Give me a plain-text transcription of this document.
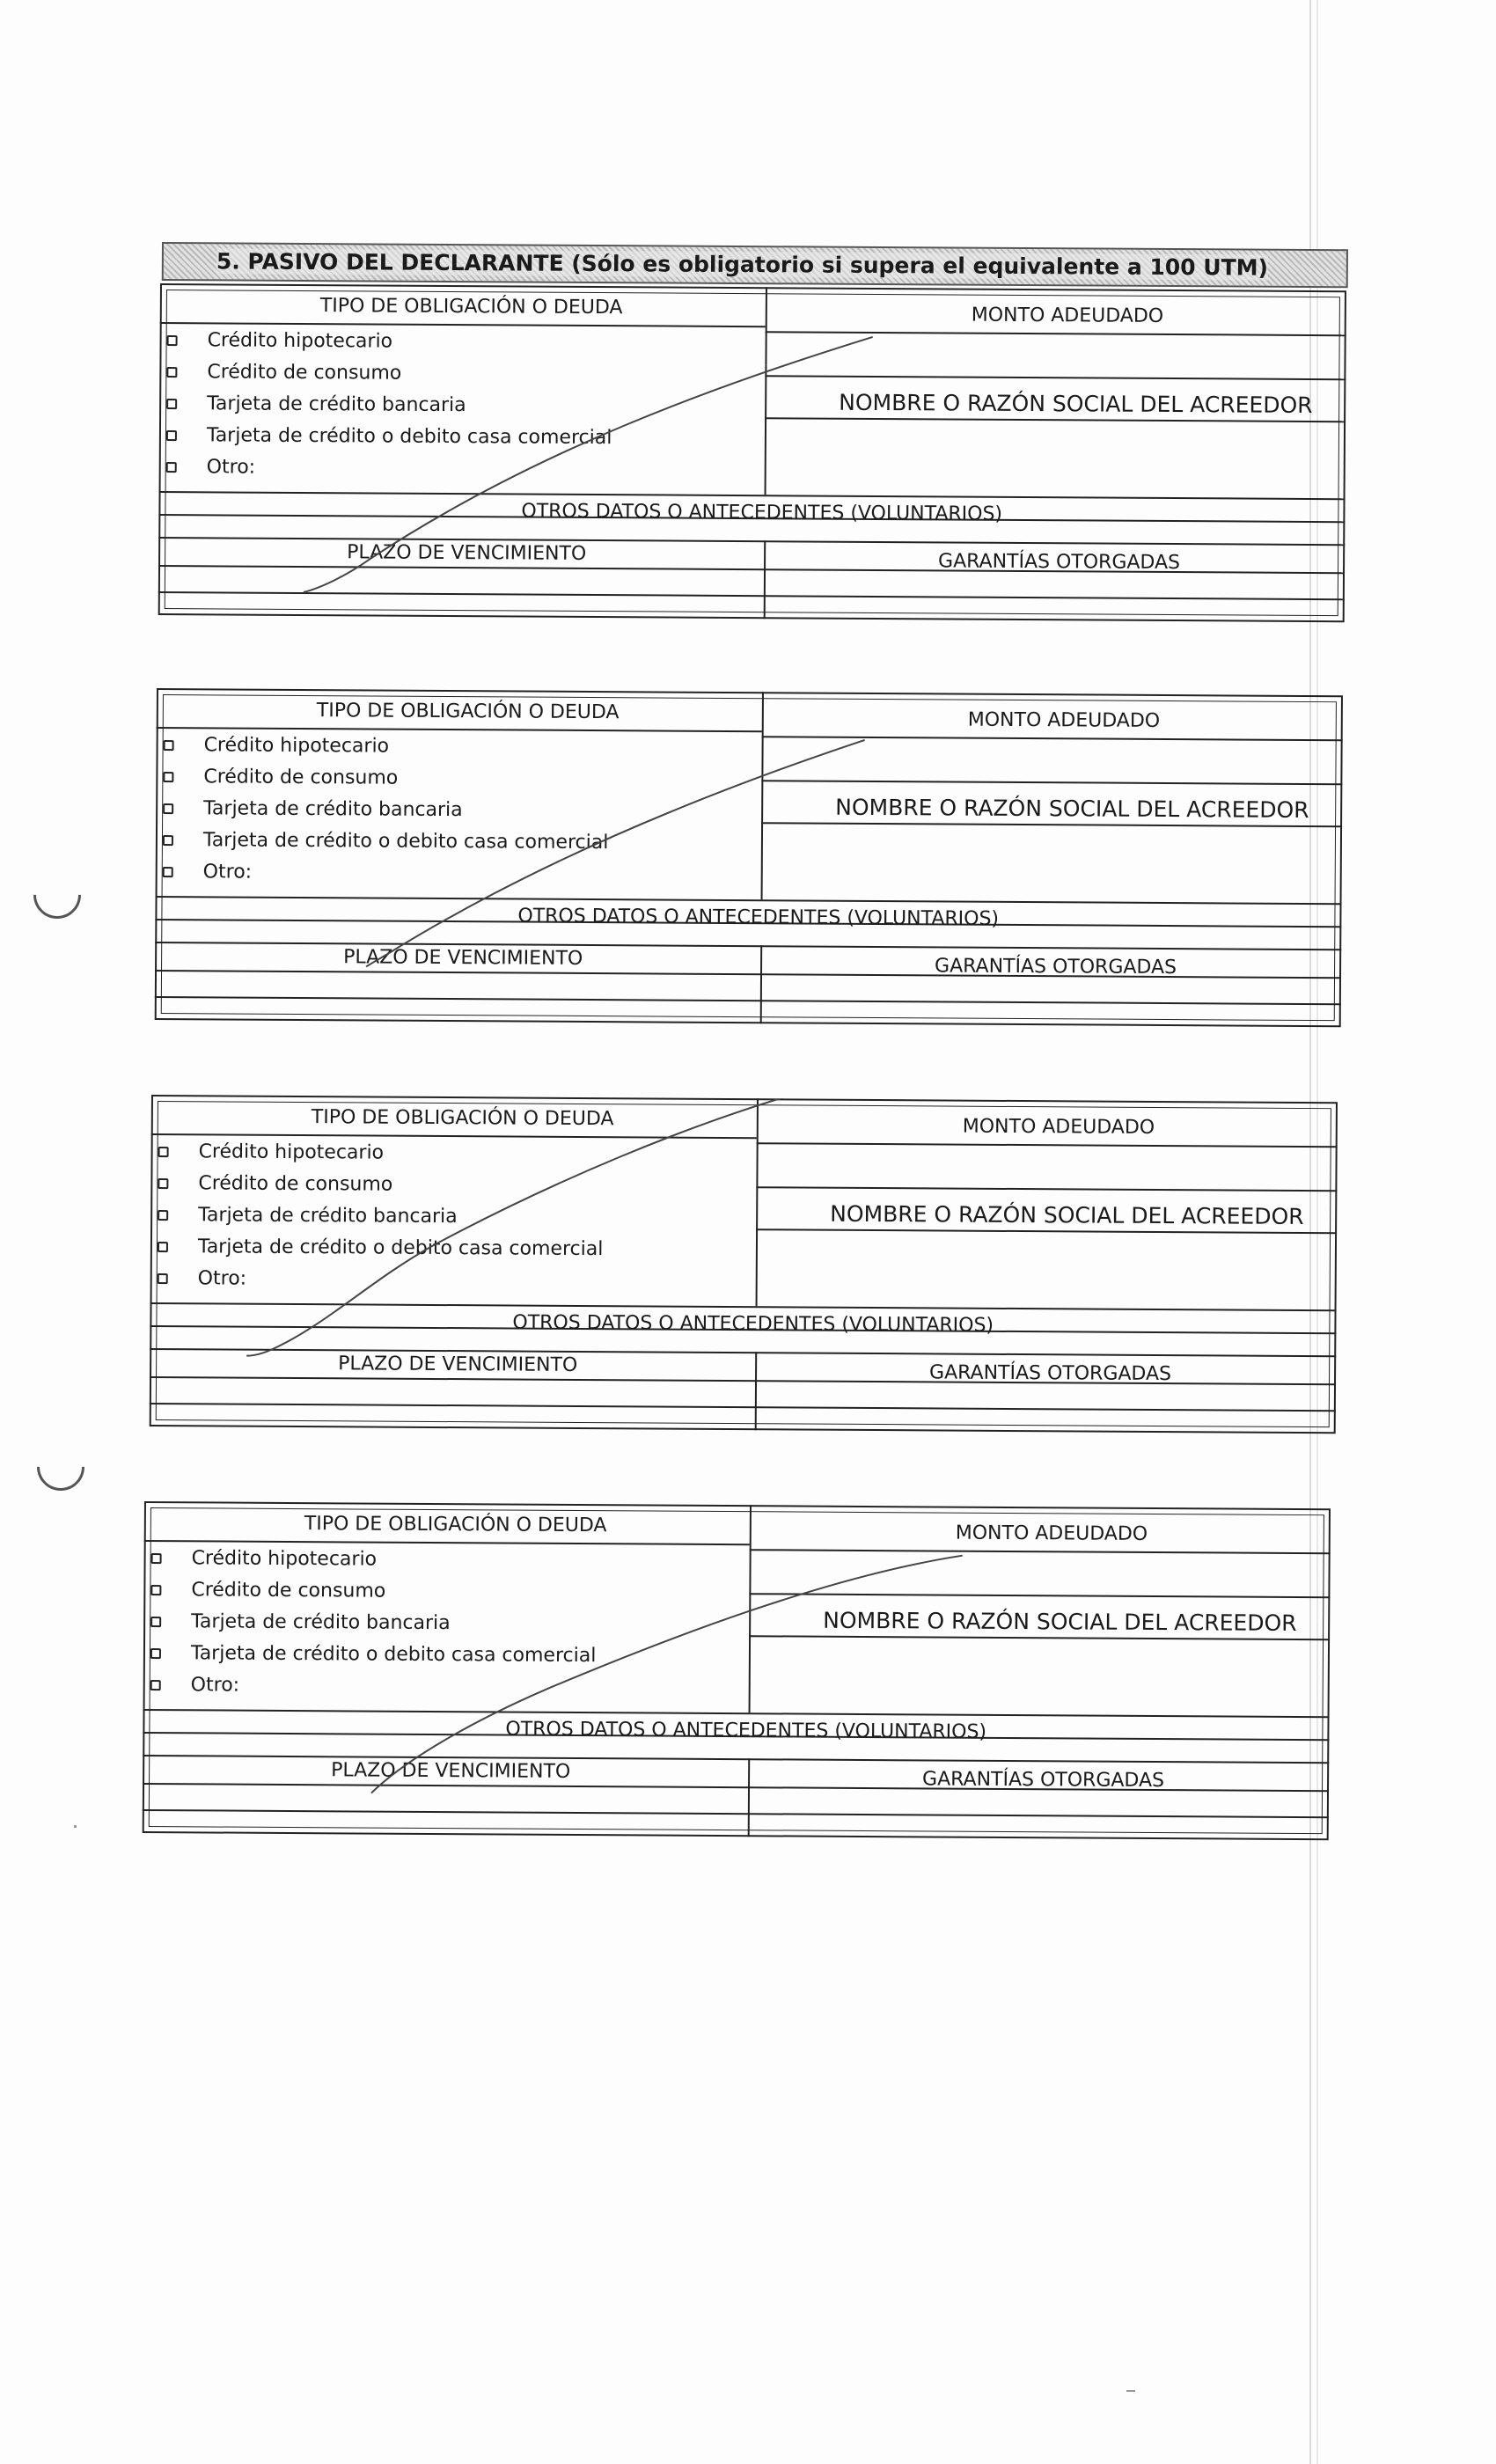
5. PASIVO DEL DECLARANTE (Sólo es obligatorio si supera el equivalente a 100 UTM)
TIPO DE OBLIGACIÓN O DEUDA
Crédito hipotecario
Crédito de consumo
Tarjeta de crédito bancaria
Tarjeta de crédito o debito casa comercial
Otro:
MONTO ADEUDADO
NOMBRE O RAZÓN SOCIAL DEL ACREEDOR
OTROS DATOS O ANTECEDENTES (VOLUNTARIOS)
PLAZO DE VENCIMIENTO	GARANTÍAS OTORGADAS
TIPO DE OBLIGACIÓN O DEUDA
Crédito hipotecario
Crédito de consumo
Tarjeta de crédito bancaria
Tarjeta de crédito o debito casa comercial
Otro:
MONTO ADEUDADO
NOMBRE O RAZÓN SOCIAL DEL ACREEDOR
OTROS DATOS O ANTECEDENTES (VOLUNTARIOS)
PLAZO DE VENCIMIENTO	GARANTÍAS OTORGADAS
TIPO DE OBLIGACIÓN O DEUDA
Crédito hipotecario
Crédito de consumo
Tarjeta de crédito bancaria
Tarjeta de crédito o debito casa comercial
Otro:
MONTO ADEUDADO
NOMBRE O RAZÓN SOCIAL DEL ACREEDOR
OTROS DATOS O ANTECEDENTES (VOLUNTARIOS)
PLAZO DE VENCIMIENTO	GARANTÍAS OTORGADAS
TIPO DE OBLIGACIÓN O DEUDA
Crédito hipotecario
Crédito de consumo
Tarjeta de crédito bancaria
Tarjeta de crédito o debito casa comercial
Otro:
MONTO ADEUDADO
NOMBRE O RAZÓN SOCIAL DEL ACREEDOR
OTROS DATOS O ANTECEDENTES (VOLUNTARIOS)
PLAZO DE VENCIMIENTO	GARANTÍAS OTORGADAS
